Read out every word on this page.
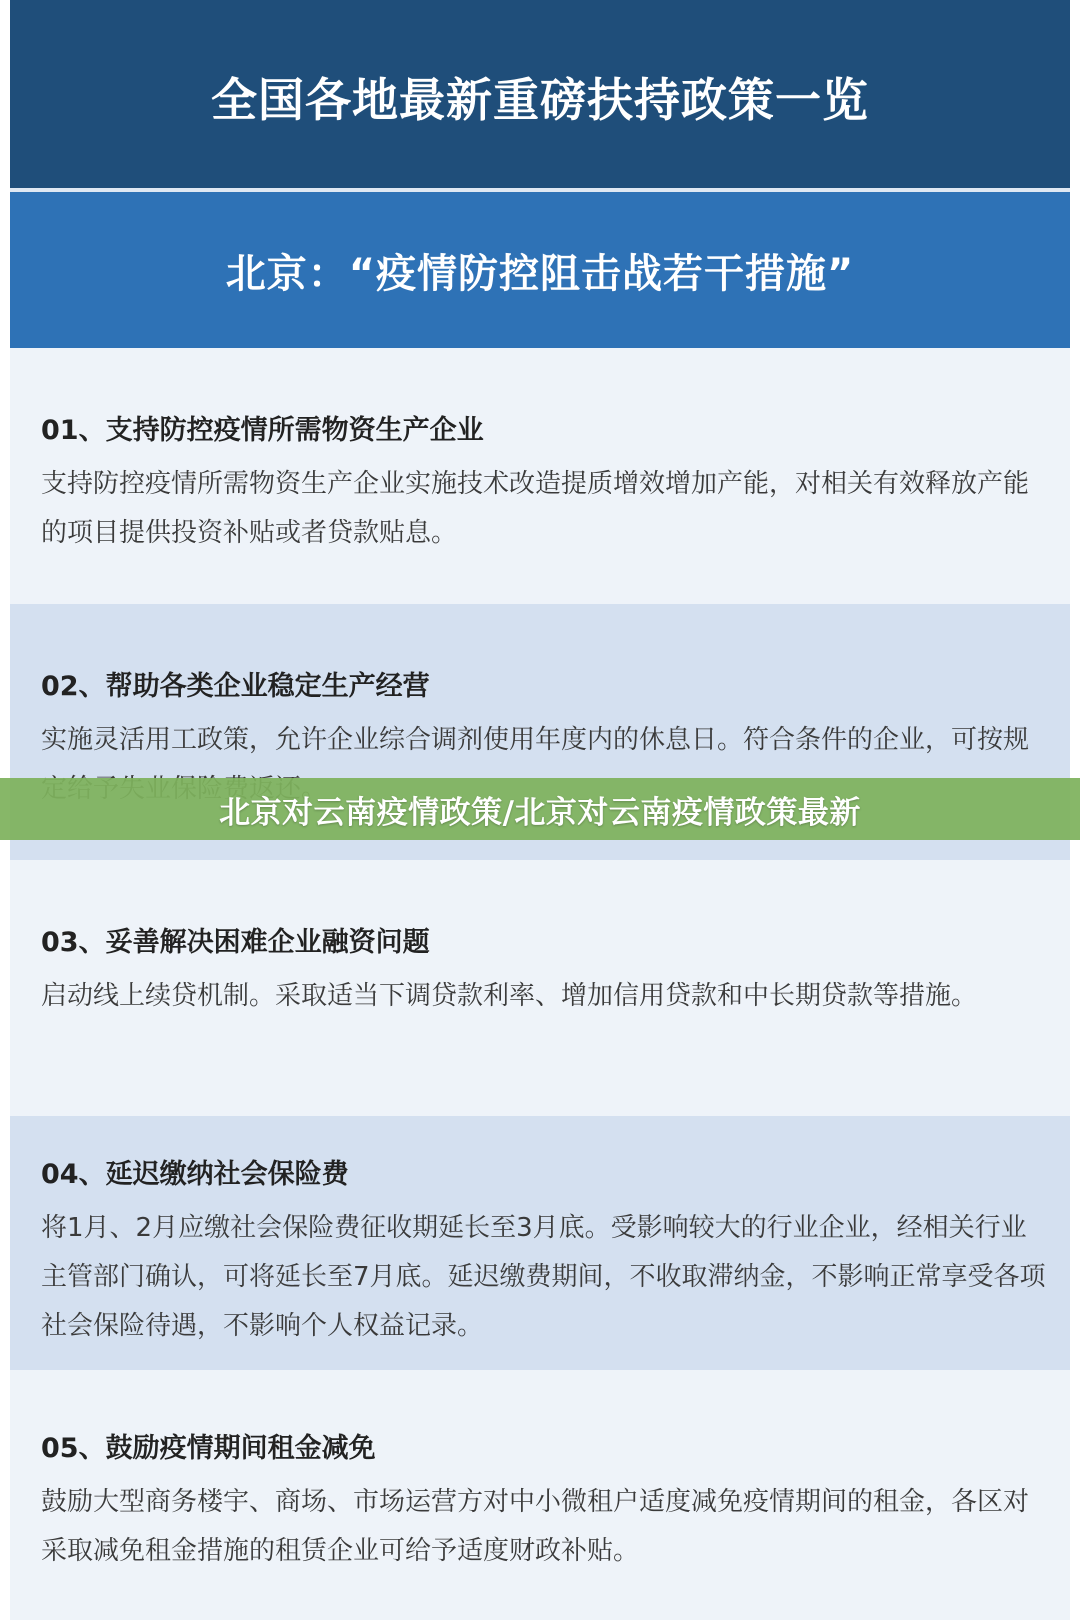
全国各地最新重磅扶持政策一览
北京：“疫情防控阻击战若干措施”

01、支持防控疫情所需物资生产企业

支持防控疫情所需物资生产企业实施技术改造提质增效增加产能，对相关有效释放产能的项目提供投资补贴或者贷款贴息。

02、帮助各类企业稳定生产经营

实施灵活用工政策，允许企业综合调剂使用年度内的休息日。符合条件的企业，可按规

03、妥善解决困难企业融资问题

启动线上续贷机制。采取适当下调贷款利率、增加信用贷款和中长期贷款等措施。

04、延迟缴纳社会保险费

将1月、2月应缴社会保险费征收期延长至3月底。受影响较大的行业企业，经相关行业主管部门确认，可将延长至7月底。延迟缴费期间，不收取滞纳金，不影响正常享受各项社会保险待遇，不影响个人权益记录。

05、鼓励疫情期间租金减免

鼓励大型商务楼宇、商场、市场运营方对中小微租户适度减免疫情期间的租金，各区对采取减免租金措施的租赁企业可给予适度财政补贴。

北京对云南疫情政策/北京对云南疫情政策最新
